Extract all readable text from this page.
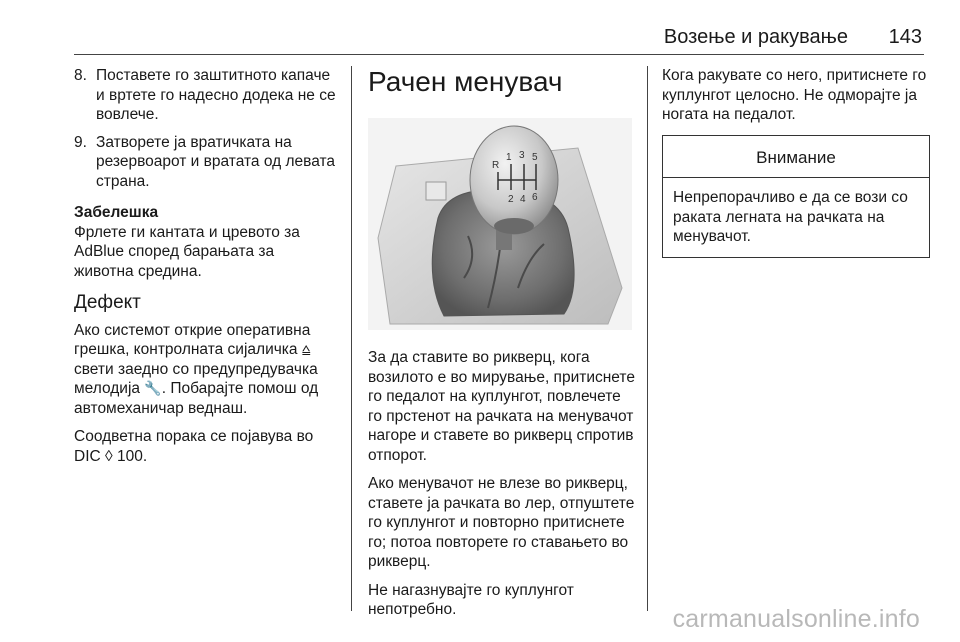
Возење и ракување 143
8. Поставете го заштитното капаче и вртете го надесно додека не се вовлече.
9. Затворете ја вратичката на резервоарот и вратата од левата страна.
Забелешка
Фрлете ги кантата и цревото за AdBlue според барањата за животна средина.
Дефект
Ако системот открие оперативна грешка, контролната сијаличка ⩠ свети заедно со предупредувачка мелодија 🔧. Побарајте помош од автомеханичар веднаш.
Соодветна порака се појавува во DIC ◊ 100.
Рачен менувач
R
1 3 5
2 4 6
За да ставите во рикверц, кога возилото е во мирување, притиснете го педалот на куплунгот, повлечете го прстенот на рачката на менувачот нагоре и ставете во рикверц спротив отпорот.
Ако менувачот не влезе во рикверц, ставете ја рачката во лер, отпуштете го куплунгот и повторно притиснете го; потоа повторете го ставањето во рикверц.
Не нагазнувајте го куплунгот непотребно.
Кога ракувате со него, притиснете го куплунгот целосно. Не одморајте ја ногата на педалот.
Внимание
Непрепорачливо е да се вози со раката легната на рачката на менувачот.
carmanualsonline.info
